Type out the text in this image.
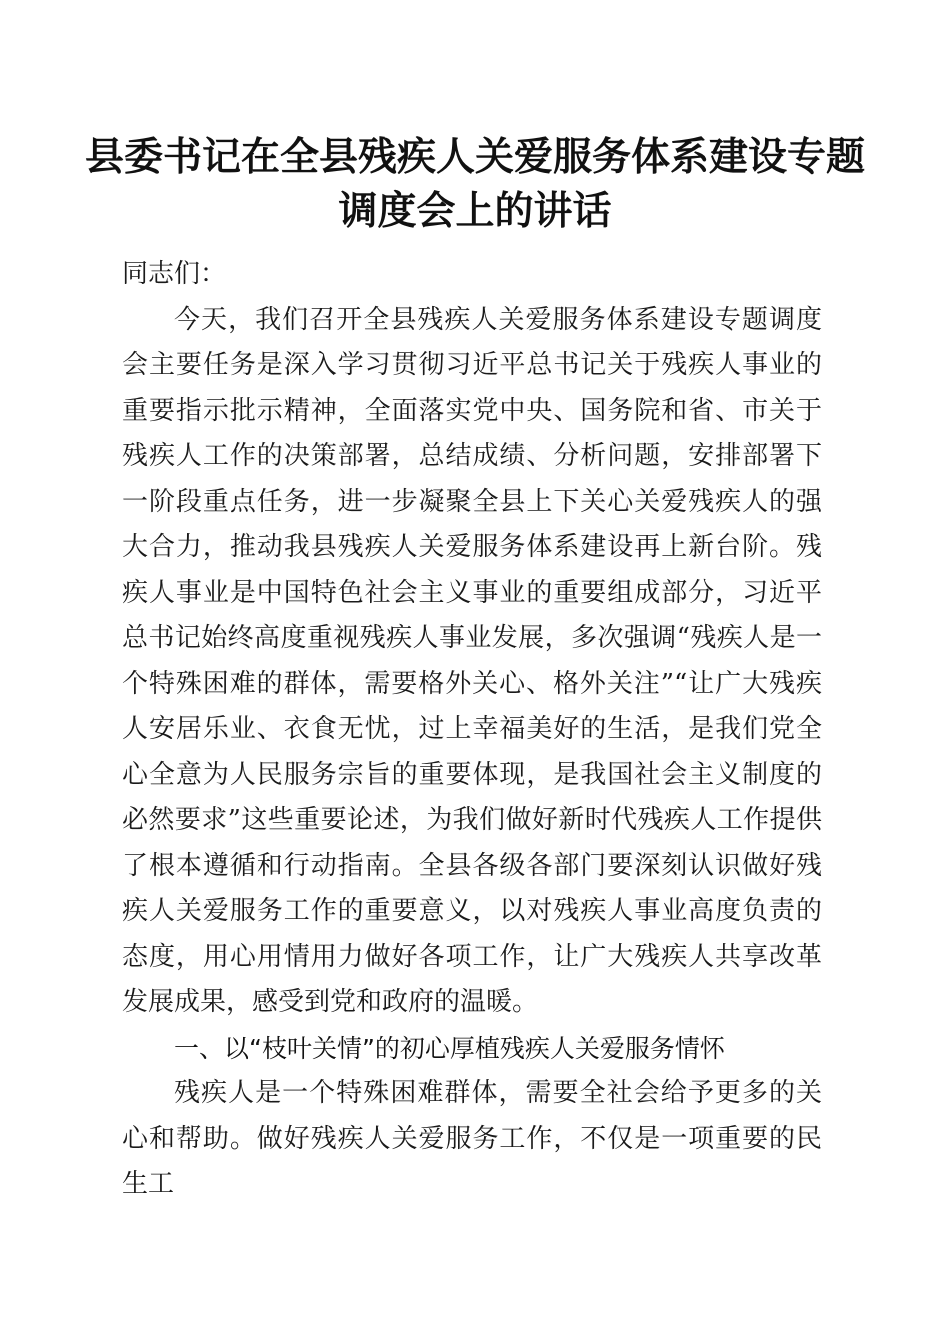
县委书记在全县残疾人关爱服务体系建设专题
调度会上的讲话

同志们：

今天，我们召开全县残疾人关爱服务体系建设专题调度会主要任务是深入学习贯彻习近平总书记关于残疾人事业的重要指示批示精神，全面落实党中央、国务院和省、市关于残疾人工作的决策部署，总结成绩、分析问题，安排部署下一阶段重点任务，进一步凝聚全县上下关心关爱残疾人的强大合力，推动我县残疾人关爱服务体系建设再上新台阶。残疾人事业是中国特色社会主义事业的重要组成部分，习近平总书记始终高度重视残疾人事业发展，多次强调“残疾人是一个特殊困难的群体，需要格外关心、格外关注”“让广大残疾人安居乐业、衣食无忧，过上幸福美好的生活，是我们党全心全意为人民服务宗旨的重要体现，是我国社会主义制度的必然要求”这些重要论述，为我们做好新时代残疾人工作提供了根本遵循和行动指南。全县各级各部门要深刻认识做好残疾人关爱服务工作的重要意义，以对残疾人事业高度负责的态度，用心用情用力做好各项工作，让广大残疾人共享改革发展成果，感受到党和政府的温暖。

一、以“枝叶关情”的初心厚植残疾人关爱服务情怀

残疾人是一个特殊困难群体，需要全社会给予更多的关心和帮助。做好残疾人关爱服务工作，不仅是一项重要的民生工
